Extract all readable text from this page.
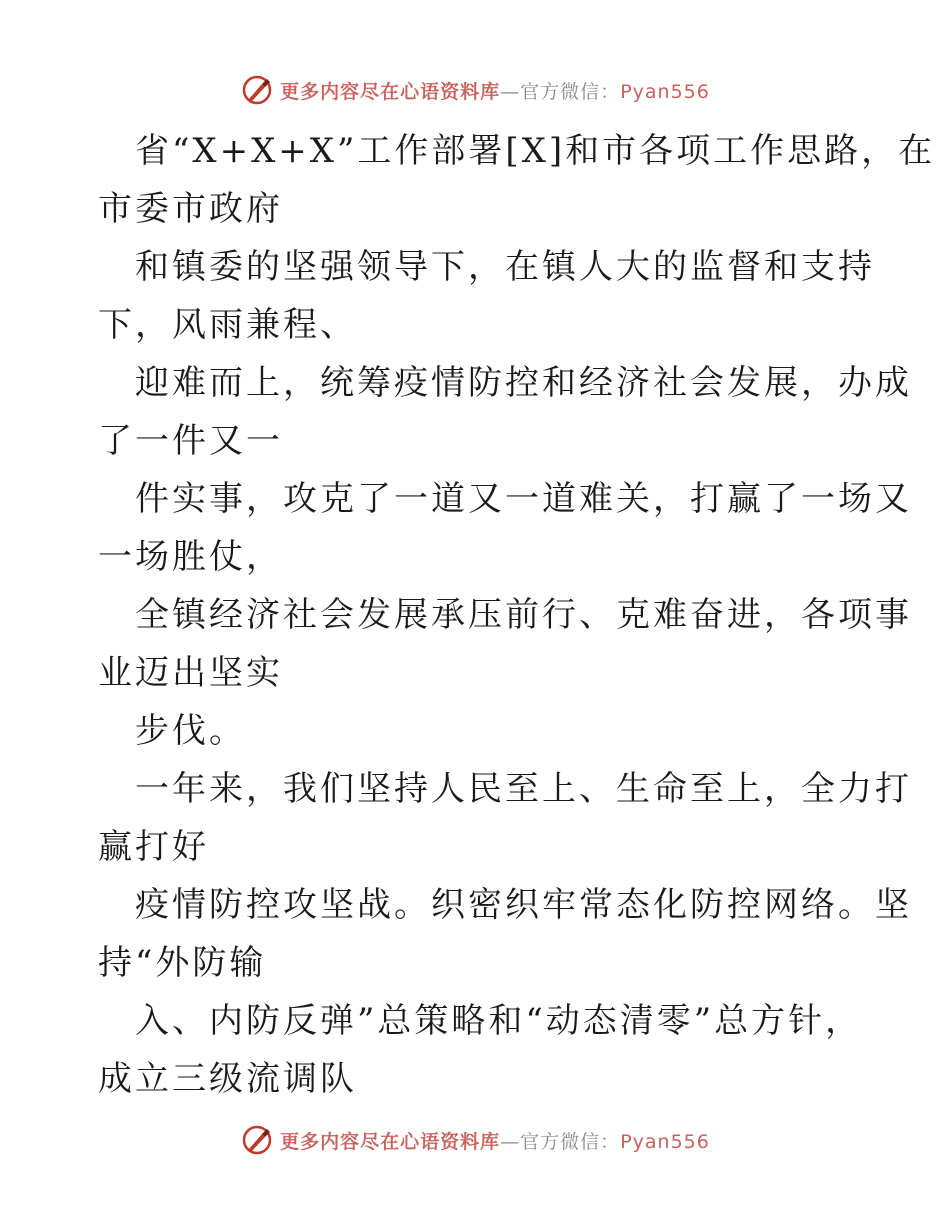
更多内容尽在心语资料库—官方微信：Pyan556

省“X+X+X”工作部署[X]和市各项工作思路，在

市委市政府

和镇委的坚强领导下，在镇人大的监督和支持

下，风雨兼程、

迎难而上，统筹疫情防控和经济社会发展，办成

了一件又一

件实事，攻克了一道又一道难关，打赢了一场又

一场胜仗，

全镇经济社会发展承压前行、克难奋进，各项事

业迈出坚实

步伐。

一年来，我们坚持人民至上、生命至上，全力打

赢打好

疫情防控攻坚战。织密织牢常态化防控网络。坚

持“外防输

入、内防反弹”总策略和“动态清零”总方针，

成立三级流调队

更多内容尽在心语资料库—官方微信：Pyan556
